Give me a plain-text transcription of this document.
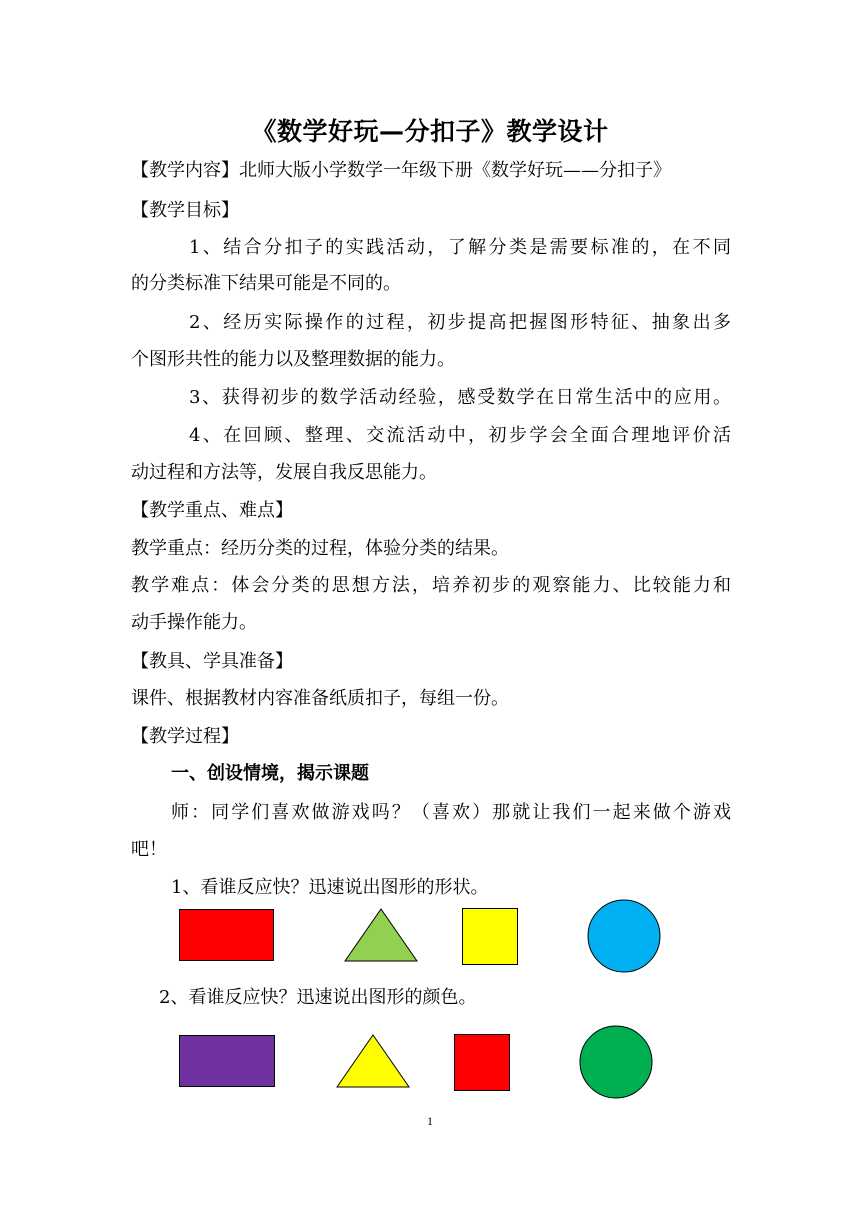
《数学好玩—分扣子》教学设计
【教学内容】北师大版小学数学一年级下册《数学好玩——分扣子》
【教学目标】
1、结合分扣子的实践活动，了解分类是需要标准的，在不同
的分类标准下结果可能是不同的。
2、经历实际操作的过程，初步提高把握图形特征、抽象出多
个图形共性的能力以及整理数据的能力。
3、获得初步的数学活动经验，感受数学在日常生活中的应用。
4、在回顾、整理、交流活动中，初步学会全面合理地评价活
动过程和方法等，发展自我反思能力。
【教学重点、难点】
教学重点：经历分类的过程，体验分类的结果。
教学难点：体会分类的思想方法，培养初步的观察能力、比较能力和
动手操作能力。
【教具、学具准备】
课件、根据教材内容准备纸质扣子，每组一份。
【教学过程】
一、创设情境，揭示课题
师：同学们喜欢做游戏吗？（喜欢）那就让我们一起来做个游戏
吧！
1、看谁反应快？迅速说出图形的形状。
2、看谁反应快？迅速说出图形的颜色。
1
